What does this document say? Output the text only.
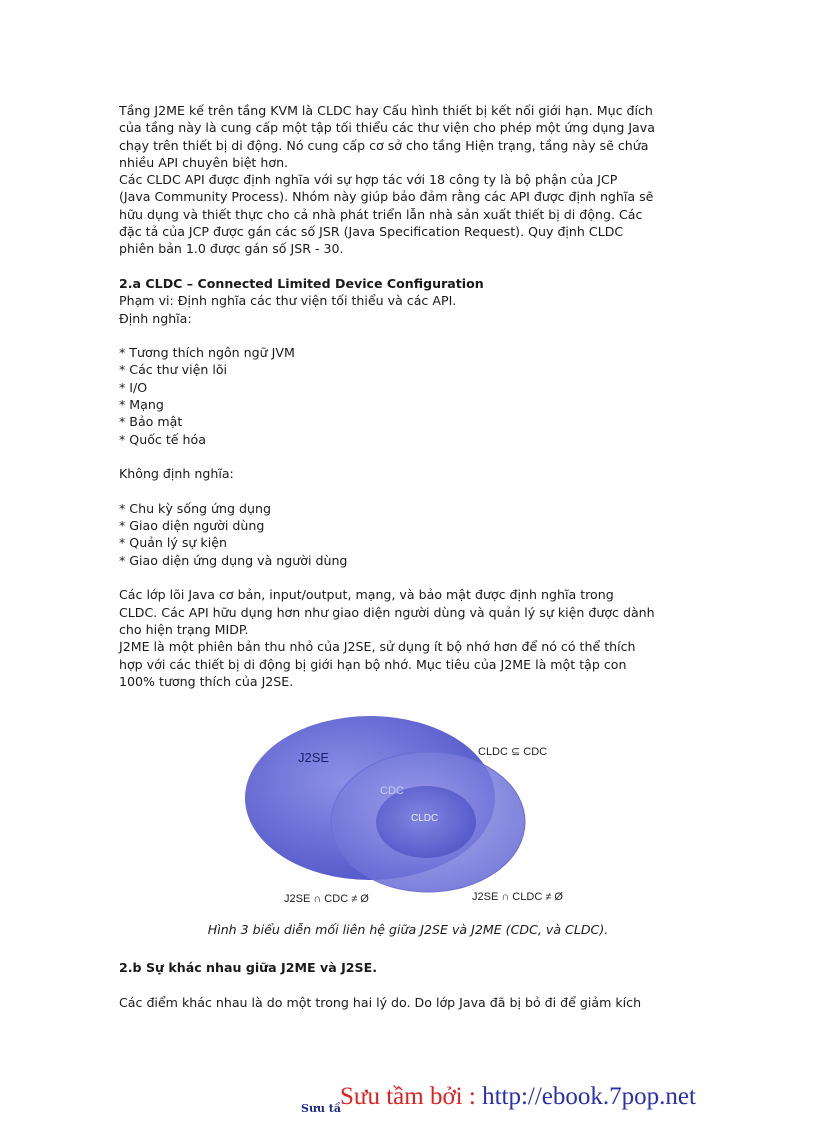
Tầng J2ME kế trên tầng KVM là CLDC hay Cấu hình thiết bị kết nối giới hạn. Mục đích

của tầng này là cung cấp một tập tối thiểu các thư viện cho phép một ứng dụng Java

chạy trên thiết bị di động. Nó cung cấp cơ sở cho tầng Hiện trạng, tầng này sẽ chứa

nhiều API chuyên biệt hơn.

Các CLDC API được định nghĩa với sự hợp tác với 18 công ty là bộ phận của JCP

(Java Community Process). Nhóm này giúp bảo đảm rằng các API được định nghĩa sẽ

hữu dụng và thiết thực cho cả nhà phát triển lẫn nhà sản xuất thiết bị di động. Các

đặc tả của JCP được gán các số JSR (Java Specification Request). Quy định CLDC

phiên bản 1.0 được gán số JSR - 30.

2.a CLDC – Connected Limited Device Configuration

Phạm vi: Định nghĩa các thư viện tối thiểu và các API.

Định nghĩa:

* Tương thích ngôn ngữ JVM

* Các thư viện lõi

* I/O

* Mạng

* Bảo mật

* Quốc tế hóa

Không định nghĩa:

* Chu kỳ sống ứng dụng

* Giao diện người dùng

* Quản lý sự kiện

* Giao diện ứng dụng và người dùng

Các lớp lõi Java cơ bản, input/output, mạng, và bảo mật được định nghĩa trong

CLDC. Các API hữu dụng hơn như giao diện người dùng và quản lý sự kiện được dành

cho hiện trạng MIDP.

J2ME là một phiên bản thu nhỏ của J2SE, sử dụng ít bộ nhớ hơn để nó có thể thích

hợp với các thiết bị di động bị giới hạn bộ nhớ. Mục tiêu của J2ME là một tập con

100% tương thích của J2SE.

J2SE
CDC
CLDC
CLDC ⊆ CDC
J2SE ∩ CDC ≠ Ø	J2SE ∩ CLDC ≠ Ø
Hình 3 biểu diễn mối liên hệ giữa J2SE và J2ME (CDC, và CLDC).

2.b Sự khác nhau giữa J2ME và J2SE.

Các điểm khác nhau là do một trong hai lý do. Do lớp Java đã bị bỏ đi để giảm kích

Sưu tầ Sưu tầm bởi : http://ebook.7pop.net
